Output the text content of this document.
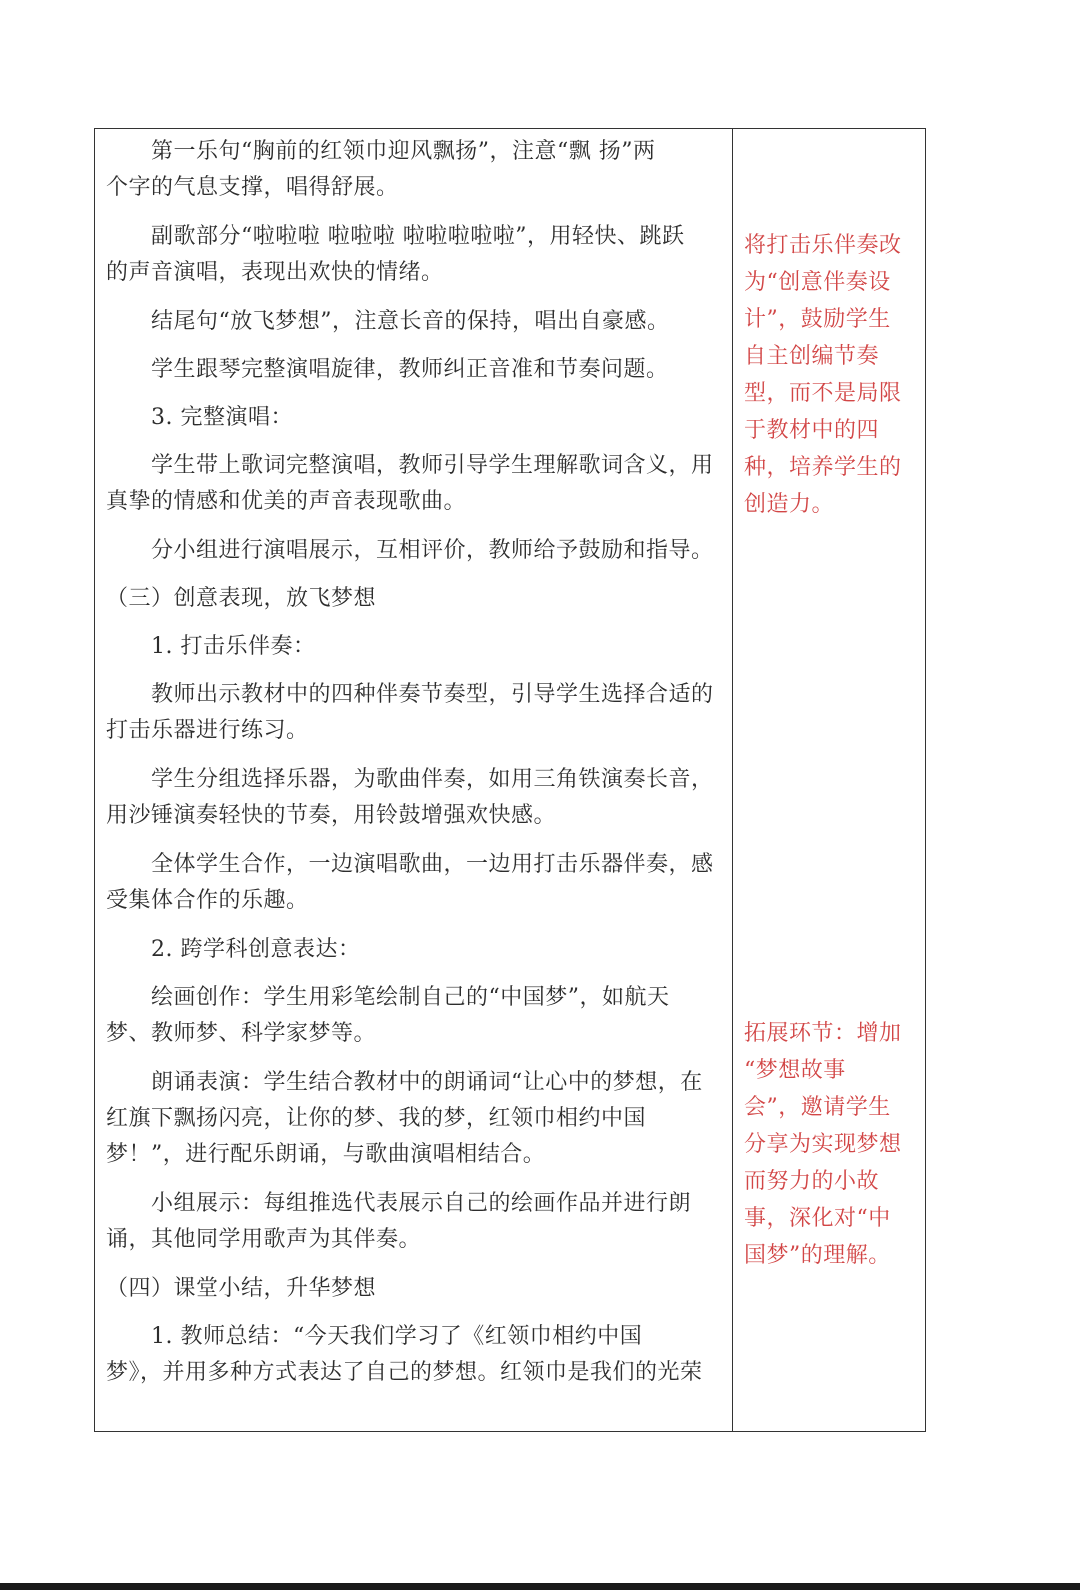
第一乐句“胸前的红领巾迎风飘扬”，注意“飘 扬”两
个字的气息支撑，唱得舒展。
副歌部分“啦啦啦 啦啦啦 啦啦啦啦啦”，用轻快、跳跃
的声音演唱，表现出欢快的情绪。
结尾句“放飞梦想”，注意长音的保持，唱出自豪感。
学生跟琴完整演唱旋律，教师纠正音准和节奏问题。
3. 完整演唱：
学生带上歌词完整演唱，教师引导学生理解歌词含义，用
真挚的情感和优美的声音表现歌曲。
分小组进行演唱展示，互相评价，教师给予鼓励和指导。
（三）创意表现，放飞梦想
1. 打击乐伴奏：
教师出示教材中的四种伴奏节奏型，引导学生选择合适的
打击乐器进行练习。
学生分组选择乐器，为歌曲伴奏，如用三角铁演奏长音，
用沙锤演奏轻快的节奏，用铃鼓增强欢快感。
全体学生合作，一边演唱歌曲，一边用打击乐器伴奏，感
受集体合作的乐趣。
2. 跨学科创意表达：
绘画创作：学生用彩笔绘制自己的“中国梦”，如航天
梦、教师梦、科学家梦等。
朗诵表演：学生结合教材中的朗诵词“让心中的梦想，在
红旗下飘扬闪亮，让你的梦、我的梦，红领巾相约中国
梦！”，进行配乐朗诵，与歌曲演唱相结合。
小组展示：每组推选代表展示自己的绘画作品并进行朗
诵，其他同学用歌声为其伴奏。
（四）课堂小结，升华梦想
1. 教师总结：“今天我们学习了《红领巾相约中国
梦》，并用多种方式表达了自己的梦想。红领巾是我们的光荣
将打击乐伴奏改
为“创意伴奏设
计”，鼓励学生
自主创编节奏
型，而不是局限
于教材中的四
种，培养学生的
创造力。
拓展环节：增加
“梦想故事
会”，邀请学生
分享为实现梦想
而努力的小故
事，深化对“中
国梦”的理解。
